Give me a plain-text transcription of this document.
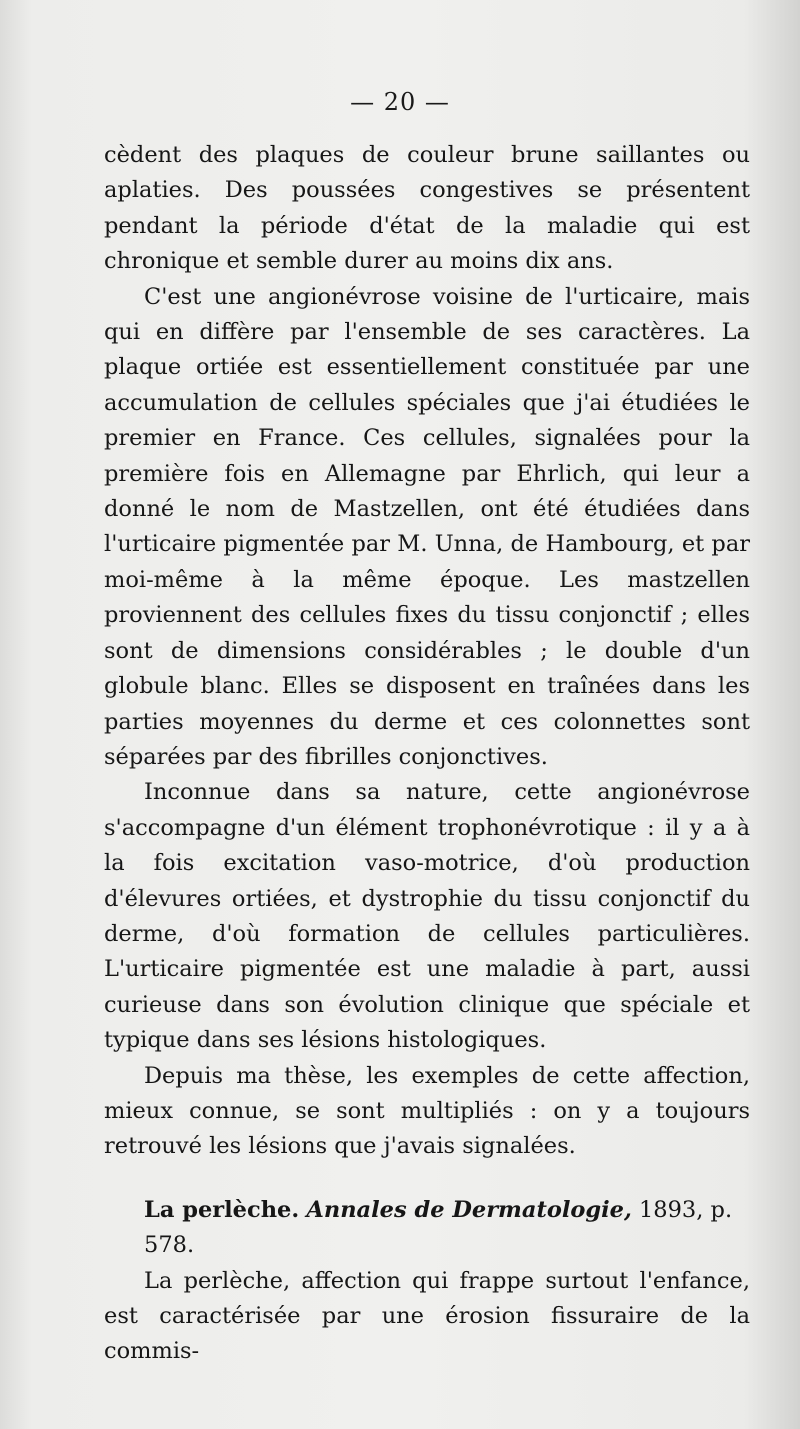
— 20 —

cèdent des plaques de couleur brune saillantes ou aplaties. Des poussées congestives se présentent pendant la période d'état de la maladie qui est chronique et semble durer au moins dix ans.

C'est une angionévrose voisine de l'urticaire, mais qui en diffère par l'ensemble de ses caractères. La plaque ortiée est essentiellement constituée par une accumulation de cellules spéciales que j'ai étudiées le premier en France. Ces cellules, signalées pour la première fois en Allemagne par Ehrlich, qui leur a donné le nom de Mastzellen, ont été étudiées dans l'urticaire pigmentée par M. Unna, de Hambourg, et par moi-même à la même époque. Les mastzellen proviennent des cellules fixes du tissu conjonctif ; elles sont de dimensions considérables ; le double d'un globule blanc. Elles se disposent en traînées dans les parties moyennes du derme et ces colonnettes sont séparées par des fibrilles conjonctives.

Inconnue dans sa nature, cette angionévrose s'accompagne d'un élément trophonévrotique : il y a à la fois excitation vaso-motrice, d'où production d'élevures ortiées, et dystrophie du tissu conjonctif du derme, d'où formation de cellules particulières. L'urticaire pigmentée est une maladie à part, aussi curieuse dans son évolution clinique que spéciale et typique dans ses lésions histologiques.

Depuis ma thèse, les exemples de cette affection, mieux connue, se sont multipliés : on y a toujours retrouvé les lésions que j'avais signalées.

La perlèche. Annales de Dermatologie, 1893, p. 578.

La perlèche, affection qui frappe surtout l'enfance, est caractérisée par une érosion fissuraire de la commis-
